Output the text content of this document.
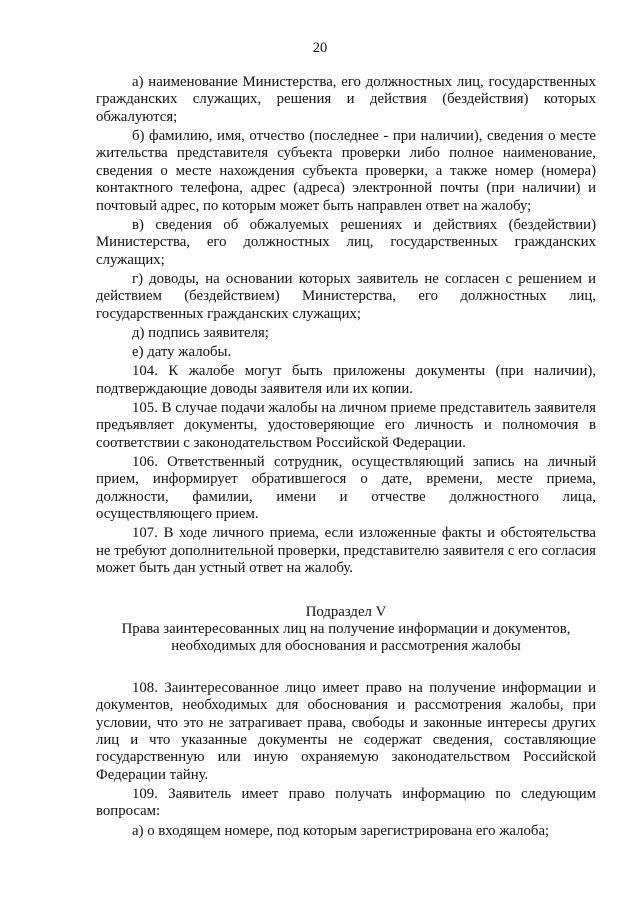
20

а) наименование Министерства, его должностных лиц, государственных гражданских служащих, решения и действия (бездействия) которых обжалуются;

б) фамилию, имя, отчество (последнее - при наличии), сведения о месте жительства представителя субъекта проверки либо полное наименование, сведения о месте нахождения субъекта проверки, а также номер (номера) контактного телефона, адрес (адреса) электронной почты (при наличии) и почтовый адрес, по которым может быть направлен ответ на жалобу;

в) сведения об обжалуемых решениях и действиях (бездействии) Министерства, его должностных лиц, государственных гражданских служащих;

г) доводы, на основании которых заявитель не согласен с решением и действием (бездействием) Министерства, его должностных лиц, государственных гражданских служащих;

д) подпись заявителя;

е) дату жалобы.

104. К жалобе могут быть приложены документы (при наличии), подтверждающие доводы заявителя или их копии.

105. В случае подачи жалобы на личном приеме представитель заявителя предъявляет документы, удостоверяющие его личность и полномочия в соответствии с законодательством Российской Федерации.

106. Ответственный сотрудник, осуществляющий запись на личный прием, информирует обратившегося о дате, времени, месте приема, должности, фамилии, имени и отчестве должностного лица, осуществляющего прием.

107. В ходе личного приема, если изложенные факты и обстоятельства не требуют дополнительной проверки, представителю заявителя с его согласия может быть дан устный ответ на жалобу.

Подраздел V
Права заинтересованных лиц на получение информации и документов, необходимых для обоснования и рассмотрения жалобы

108. Заинтересованное лицо имеет право на получение информации и документов, необходимых для обоснования и рассмотрения жалобы, при условии, что это не затрагивает права, свободы и законные интересы других лиц и что указанные документы не содержат сведения, составляющие государственную или иную охраняемую законодательством Российской Федерации тайну.

109. Заявитель имеет право получать информацию по следующим вопросам:

а) о входящем номере, под которым зарегистрирована его жалоба;
